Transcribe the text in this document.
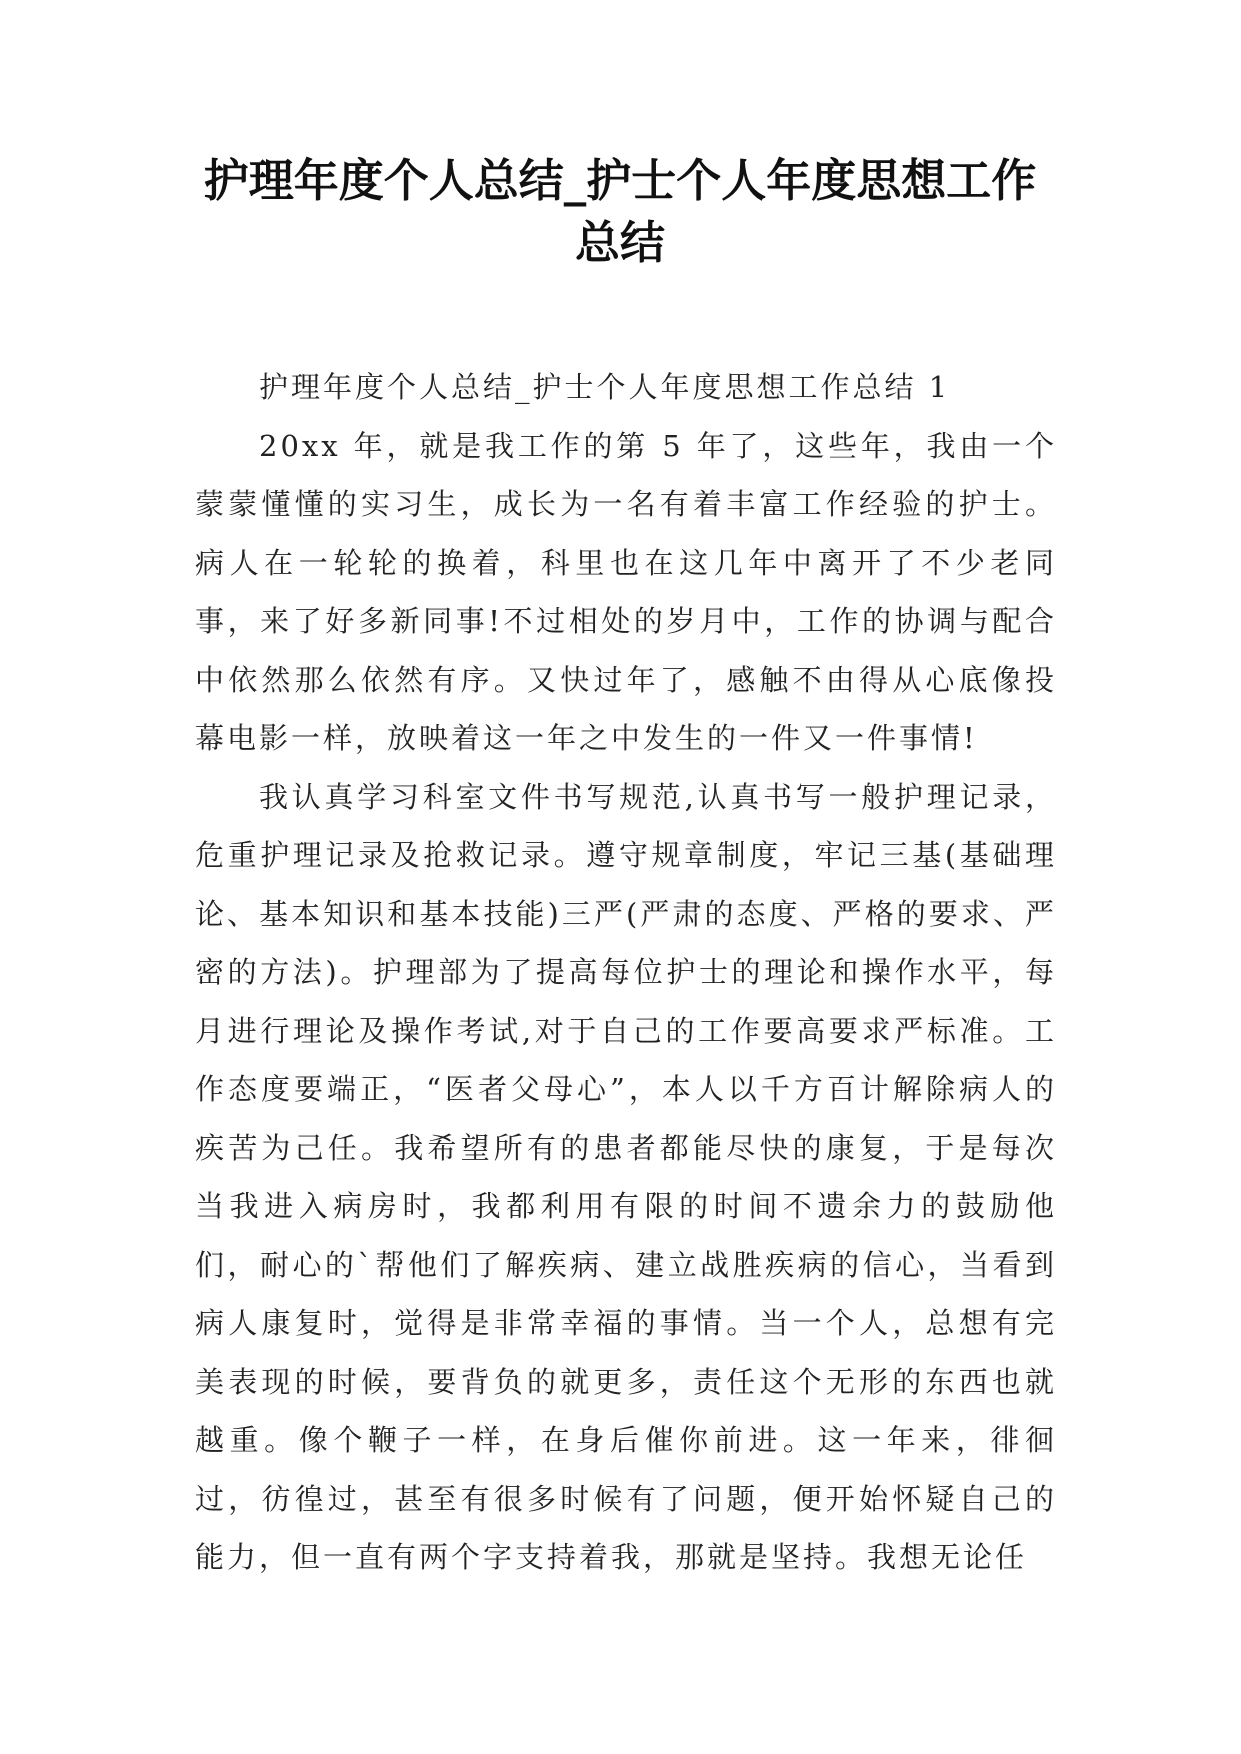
护理年度个人总结_护士个人年度思想工作
总结

护理年度个人总结_护士个人年度思想工作总结 1

20xx 年，就是我工作的第 5 年了，这些年，我由一个蒙蒙懂懂的实习生，成长为一名有着丰富工作经验的护士。病人在一轮轮的换着，科里也在这几年中离开了不少老同事，来了好多新同事!不过相处的岁月中，工作的协调与配合中依然那么依然有序。又快过年了，感触不由得从心底像投幕电影一样，放映着这一年之中发生的一件又一件事情!

我认真学习科室文件书写规范,认真书写一般护理记录，危重护理记录及抢救记录。遵守规章制度，牢记三基(基础理论、基本知识和基本技能)三严(严肃的态度、严格的要求、严密的方法)。护理部为了提高每位护士的理论和操作水平，每月进行理论及操作考试,对于自己的工作要高要求严标准。工作态度要端正，“医者父母心”，本人以千方百计解除病人的疾苦为己任。我希望所有的患者都能尽快的康复，于是每次当我进入病房时，我都利用有限的时间不遗余力的鼓励他们，耐心的`帮他们了解疾病、建立战胜疾病的信心，当看到病人康复时，觉得是非常幸福的事情。当一个人，总想有完美表现的时候，要背负的就更多，责任这个无形的东西也就越重。像个鞭子一样，在身后催你前进。这一年来，徘徊过，彷徨过，甚至有很多时候有了问题，便开始怀疑自己的能力，但一直有两个字支持着我，那就是坚持。我想无论任
